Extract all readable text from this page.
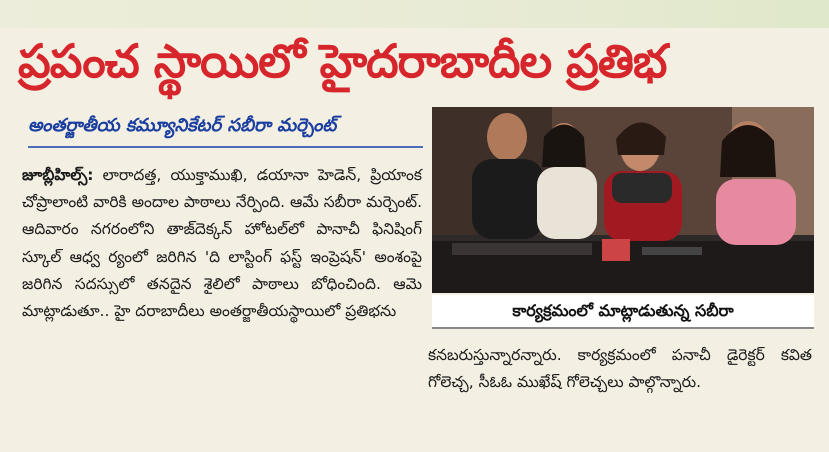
ప్రపంచ స్థాయిలో హైదరాబాదీల ప్రతిభ
అంతర్జాతీయ కమ్యూనికేటర్ సబీరా మర్చెంట్

జూబ్లీహిల్స్: లారాదత్త, యుక్తాముఖి, డయానా హెడెన్, ప్రియాంక చోప్రాలాంటి వారికి అందాల పాఠాలు నేర్పింది. ఆమే సబీరా మర్చెంట్. ఆదివారం నగరంలోని తాజ్‌దెక్కన్ హోటల్‌లో పానాచీ ఫినిషింగ్ స్కూల్ ఆధ్వ ర్యంలో జరిగిన 'ది లాస్టింగ్ ఫస్ట్ ఇంప్రెషన్' అంశంపై జరిగిన సదస్సులో తనదైన శైలిలో పాఠాలు బోధించింది. ఆమె మాట్లాడుతూ.. హై దరాబాదీలు అంతర్జాతీయస్థాయిలో ప్రతిభను	కార్యక్రమంలో మాట్లాడుతున్న సబీరా

కనబరుస్తున్నారన్నారు. కార్యక్రమంలో పనాచీ డైరెక్టర్ కవిత గోలెచ్చ, సీఓఓ ముఖేష్ గోలెచ్చలు పాల్గొన్నారు.
